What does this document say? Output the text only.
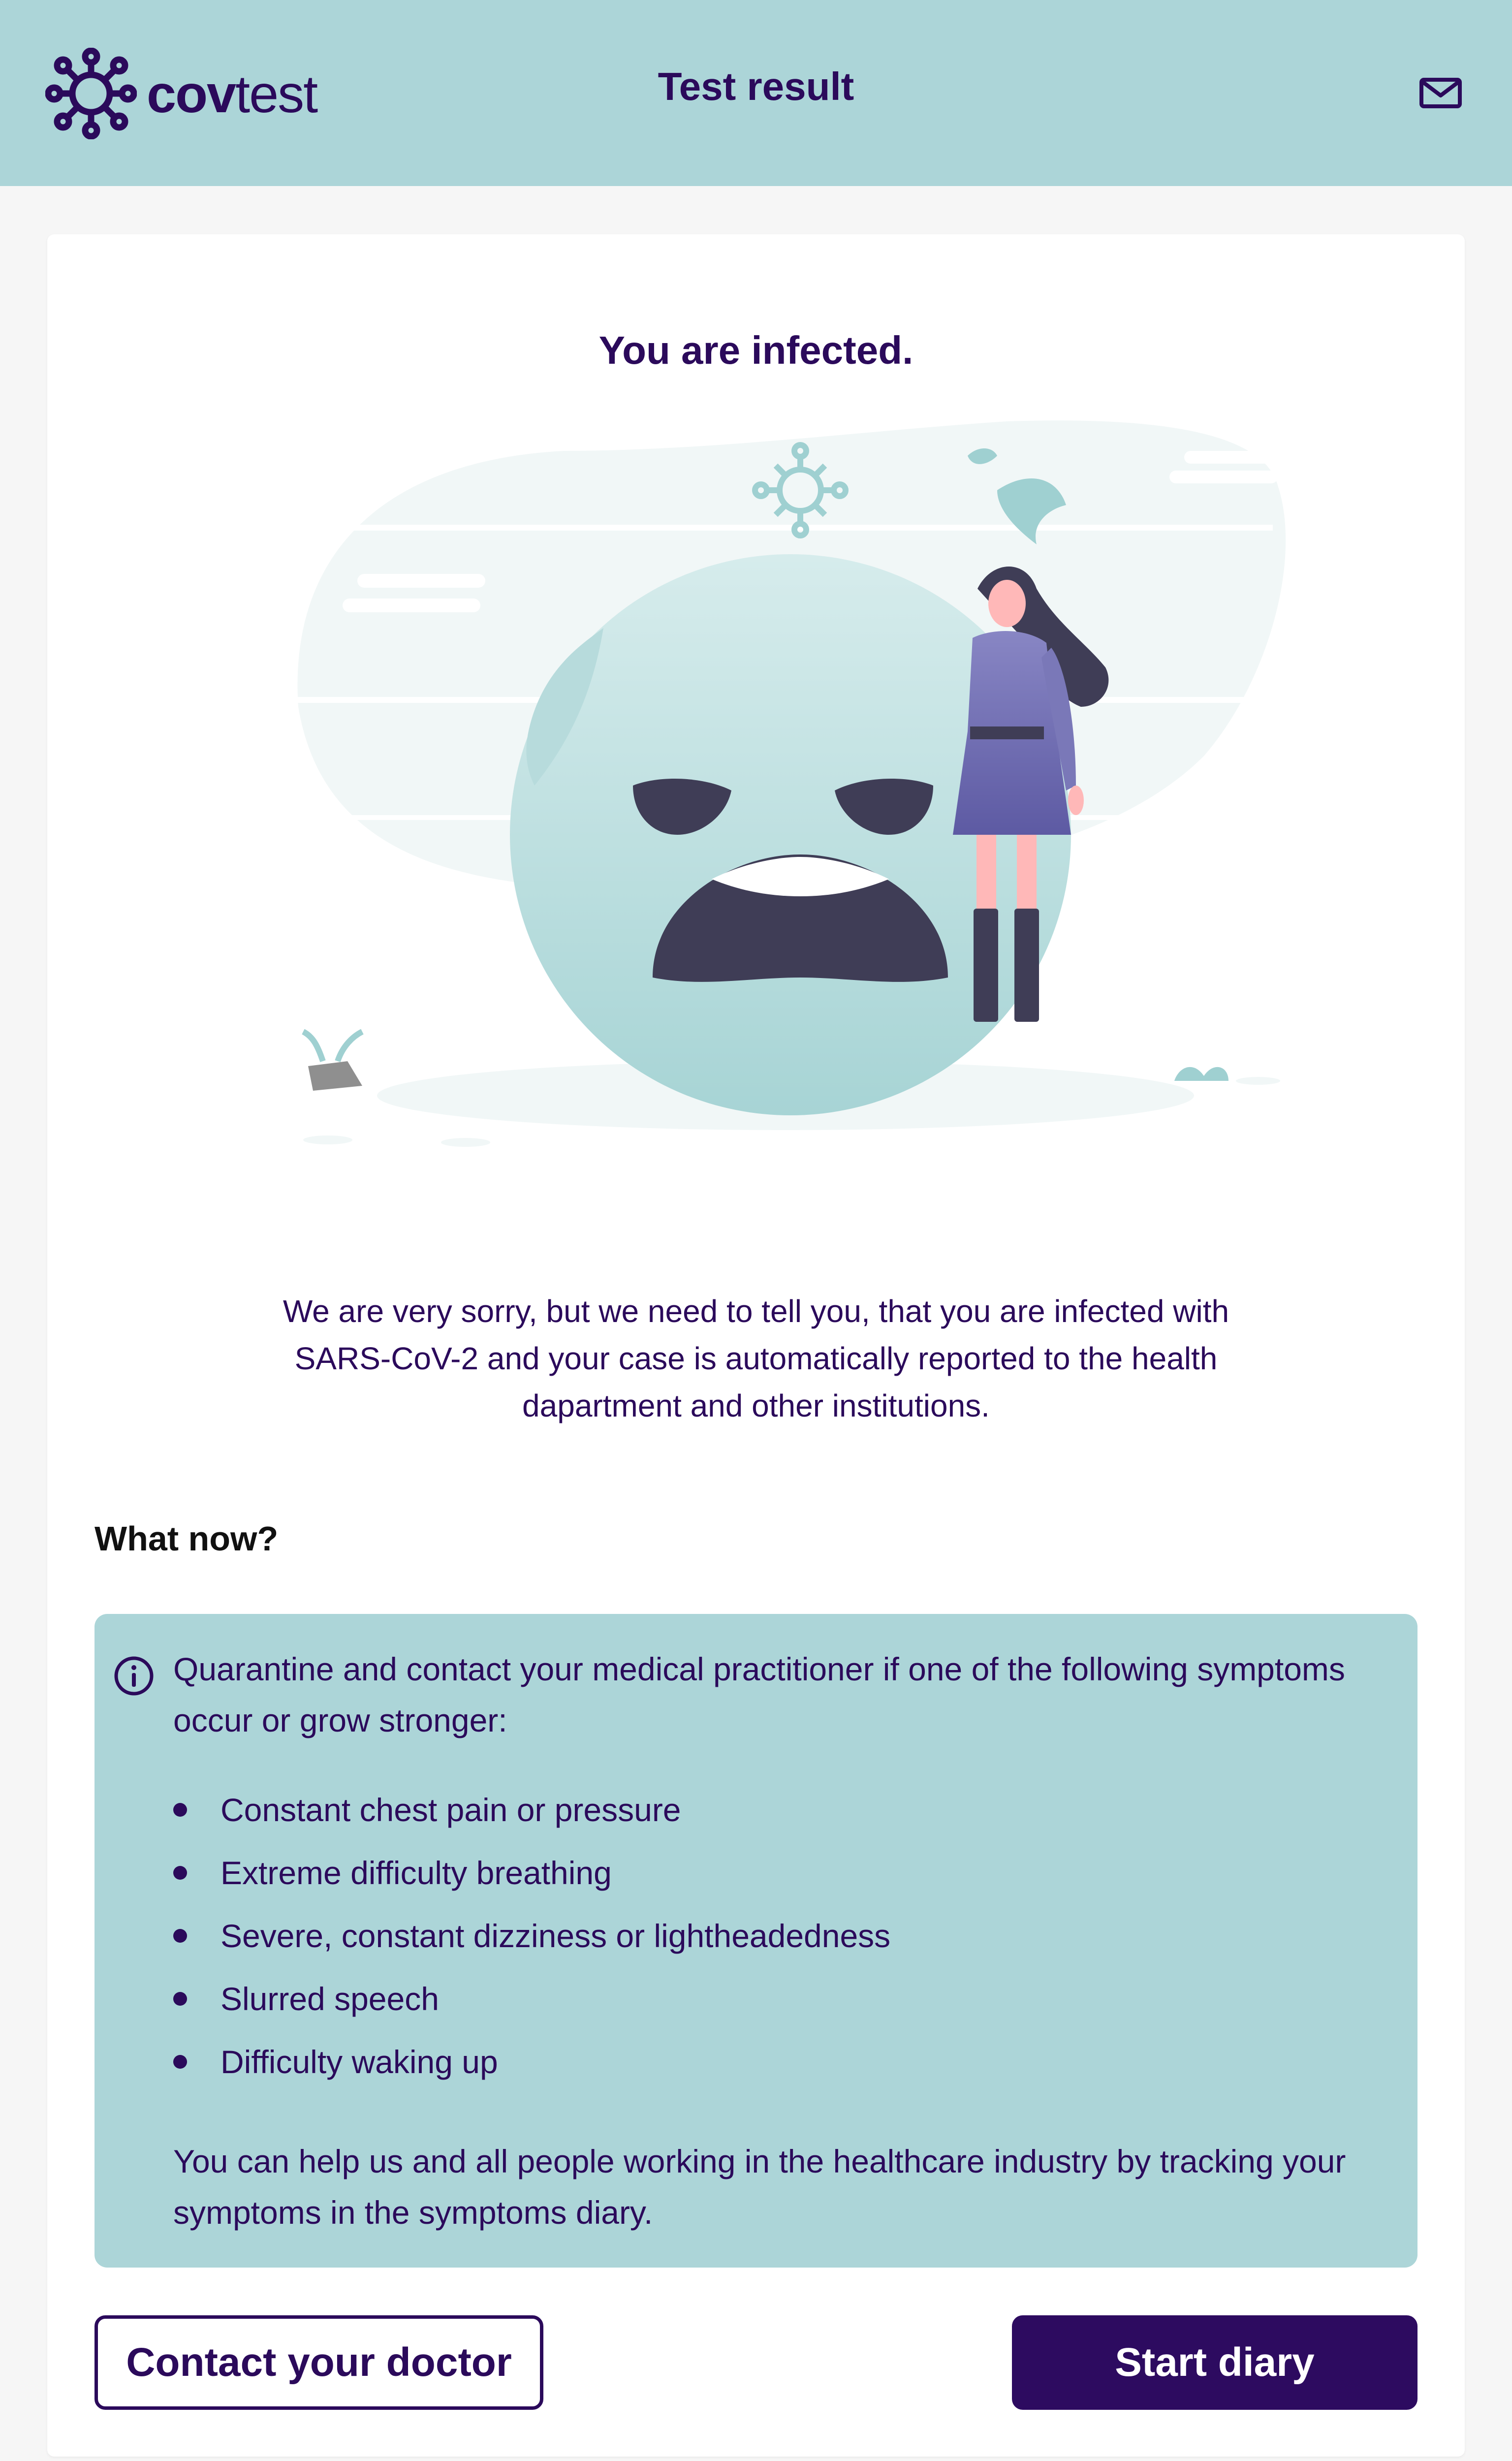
covtest	Test result
You are infected.
We are very sorry, but we need to tell you, that you are infected with SARS-CoV-2 and your case is automatically reported to the health dapartment and other institutions.
What now?
Quarantine and contact your medical practitioner if one of the following symptoms occur or grow stronger:
Constant chest pain or pressure
Extreme difficulty breathing
Severe, constant dizziness or lightheadedness
Slurred speech
Difficulty waking up
You can help us and all people working in the healthcare industry by tracking your symptoms in the symptoms diary.
Contact your doctor	Start diary
